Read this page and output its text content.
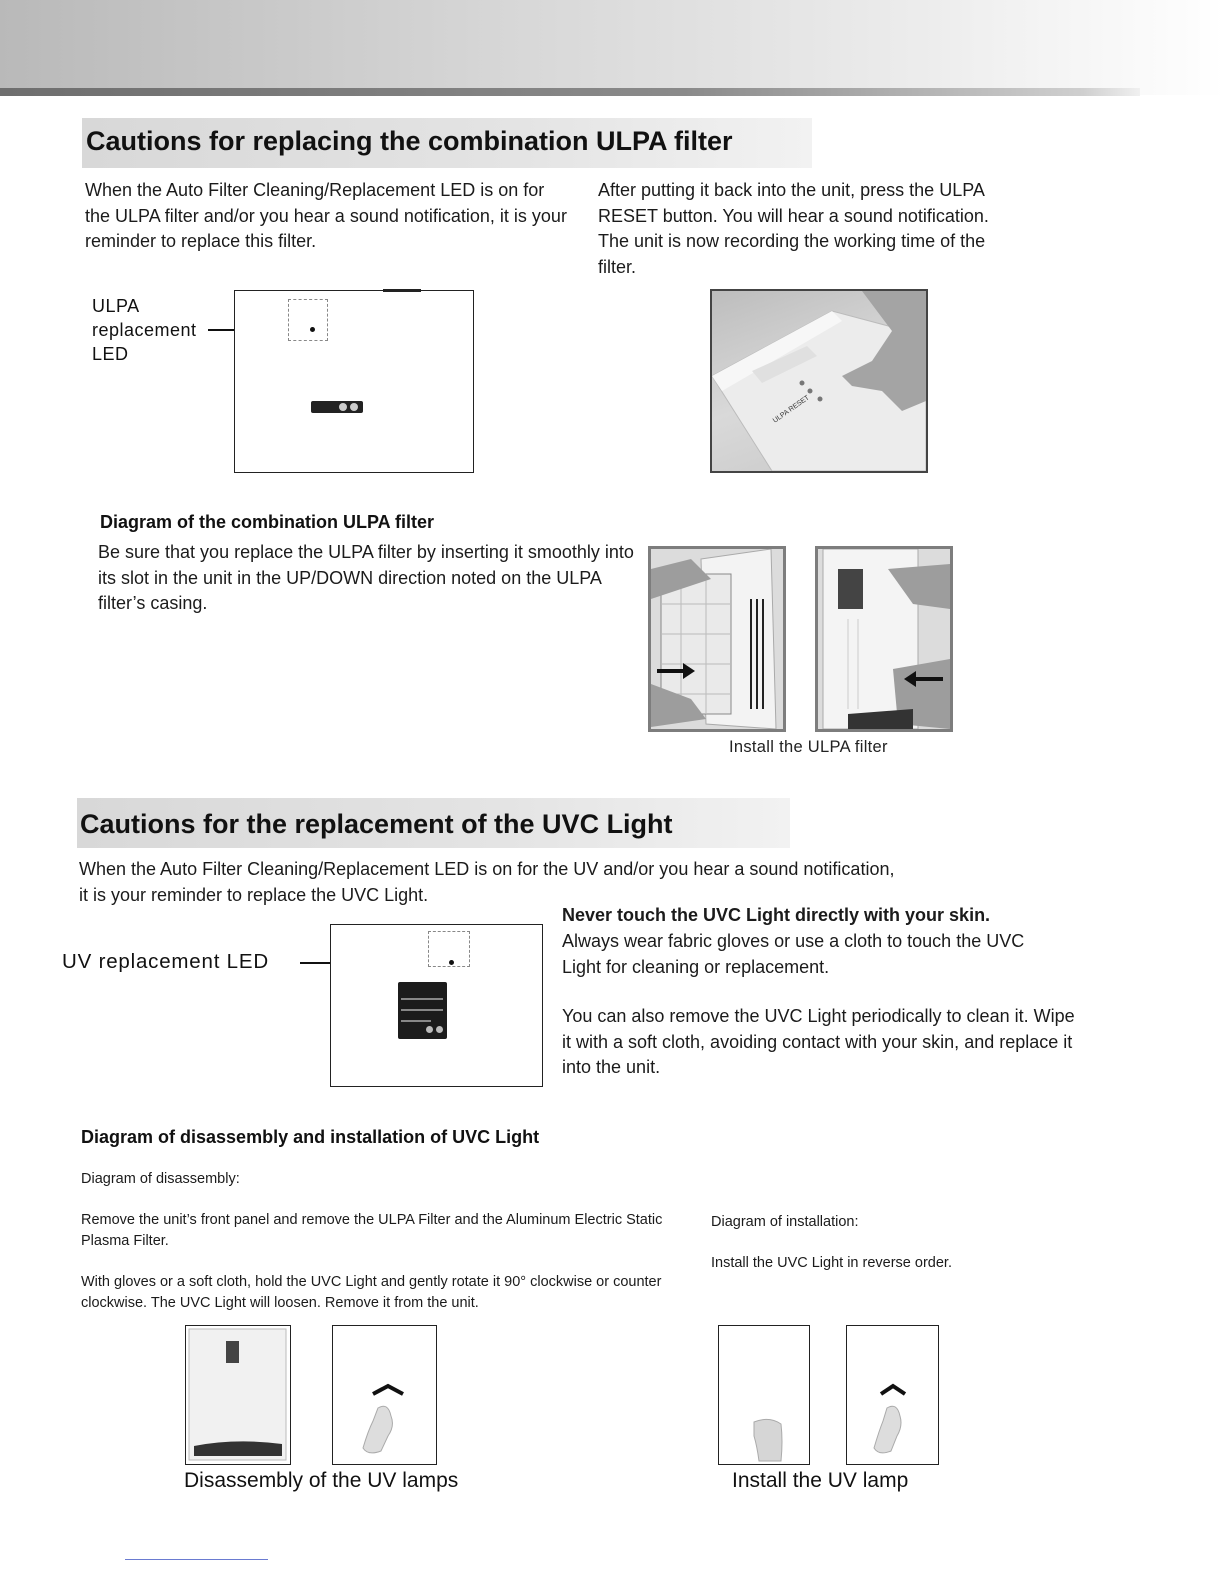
Cautions for replacing the combination ULPA filter
When the Auto Filter Cleaning/Replacement LED is on for the ULPA filter and/or you hear a sound notification, it is your reminder to replace this filter.
After putting it back into the unit, press the ULPA RESET button. You will hear a sound notification. The unit is now recording the working time of the filter.
ULPA
replacement
LED
ULPA RESET
Diagram of the combination ULPA filter
Be sure that you replace the ULPA filter by inserting it smoothly into its slot in the unit in the UP/DOWN direction noted on the ULPA filter’s casing.
Install the ULPA filter
Cautions for the replacement of the UVC Light
When the Auto Filter Cleaning/Replacement LED is on for the UV and/or you hear a sound notification,
it is your reminder to replace the UVC Light.
UV replacement LED
Never touch the UVC Light directly with your skin.
Always wear fabric gloves or use a cloth to touch the UVC Light for cleaning or replacement.
You can also remove the UVC Light periodically to clean it. Wipe it with a soft cloth, avoiding contact with your skin, and replace it into the unit.
Diagram of disassembly and installation of UVC Light
Diagram of disassembly:
Remove the unit’s front panel and remove the ULPA Filter and the Aluminum Electric Static Plasma Filter.
With gloves or a soft cloth, hold the UVC Light and gently rotate it 90° clockwise or counter clockwise. The UVC Light will loosen. Remove it from the unit.
Diagram of installation:
Install the UVC Light in reverse order.
Disassembly of the UV lamps	Install the UV lamp
